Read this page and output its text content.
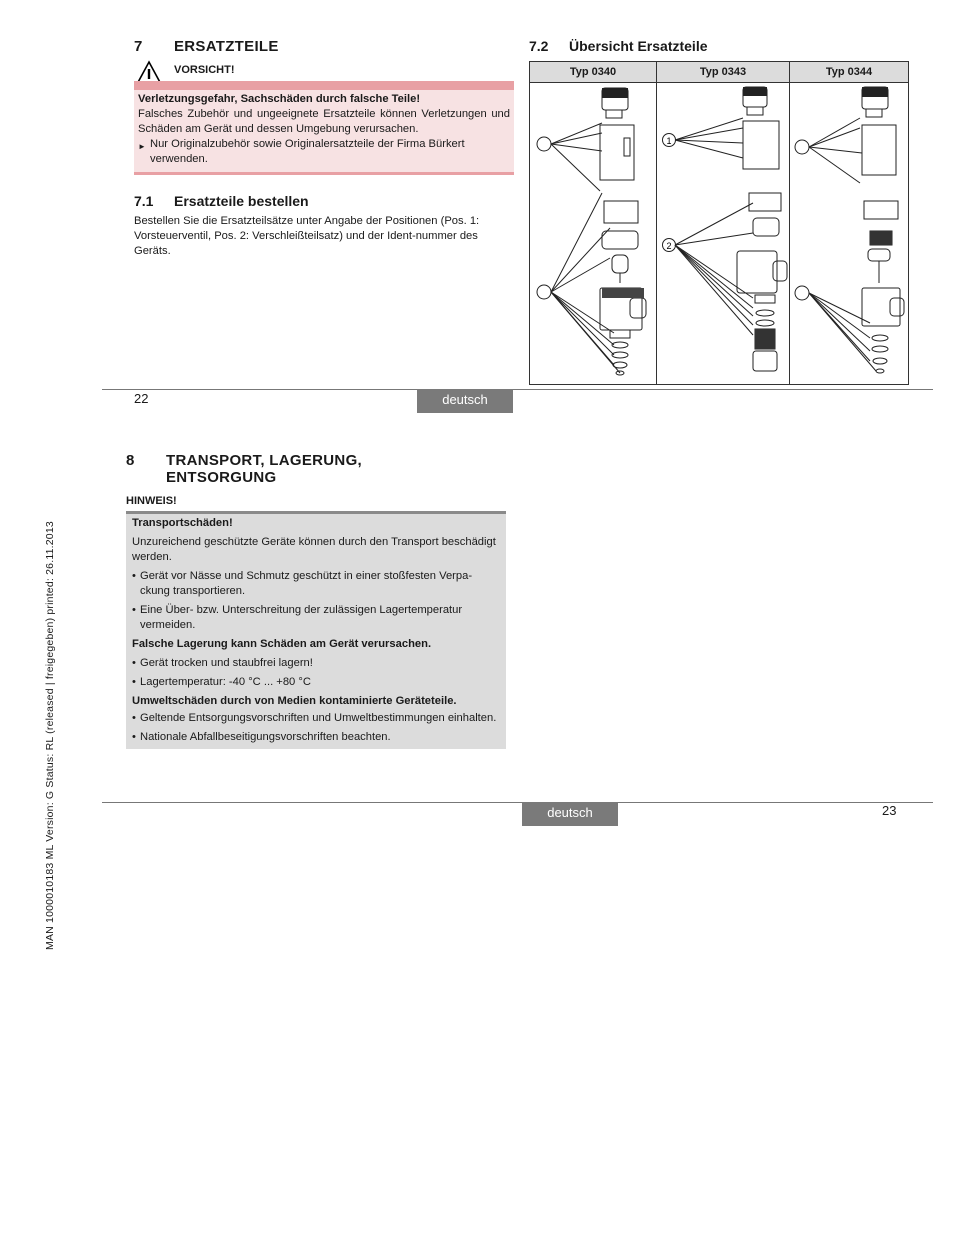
7 ERSATZTEILE
VORSICHT!
Verletzungsgefahr, Sachschäden durch falsche Teile!
Falsches Zubehör und ungeeignete Ersatzteile können Verletzungen und Schäden am Gerät und dessen Umgebung verursachen.
► Nur Originalzubehör sowie Originalersatzteile der Firma Bürkert verwenden.
7.1 Ersatzteile bestellen
Bestellen Sie die Ersatzteilsätze unter Angabe der Positionen (Pos. 1: Vorsteuerventil, Pos. 2: Verschleißteilsatz) und der Ident-nummer des Geräts.
7.2 Übersicht Ersatzteile
Typ 0340	Typ 0343	Typ 0344

1
2

22	deutsch
8 TRANSPORT, LAGERUNG,
ENTSORGUNG
HINWEIS!
Transportschäden!
Unzureichend geschützte Geräte können durch den Transport beschädigt werden.
• Gerät vor Nässe und Schmutz geschützt in einer stoßfesten Verpa-ckung transportieren.
• Eine Über- bzw. Unterschreitung der zulässigen Lagertemperatur vermeiden.
Falsche Lagerung kann Schäden am Gerät verursachen.
• Gerät trocken und staubfrei lagern!
• Lagertemperatur: -40 °C ... +80 °C
Umweltschäden durch von Medien kontaminierte Geräteteile.
• Geltende Entsorgungsvorschriften und Umweltbestimmungen einhalten.
• Nationale Abfallbeseitigungsvorschriften beachten.
deutsch	23
MAN 1000010183 ML Version: G Status: RL (released | freigegeben) printed: 26.11.2013
